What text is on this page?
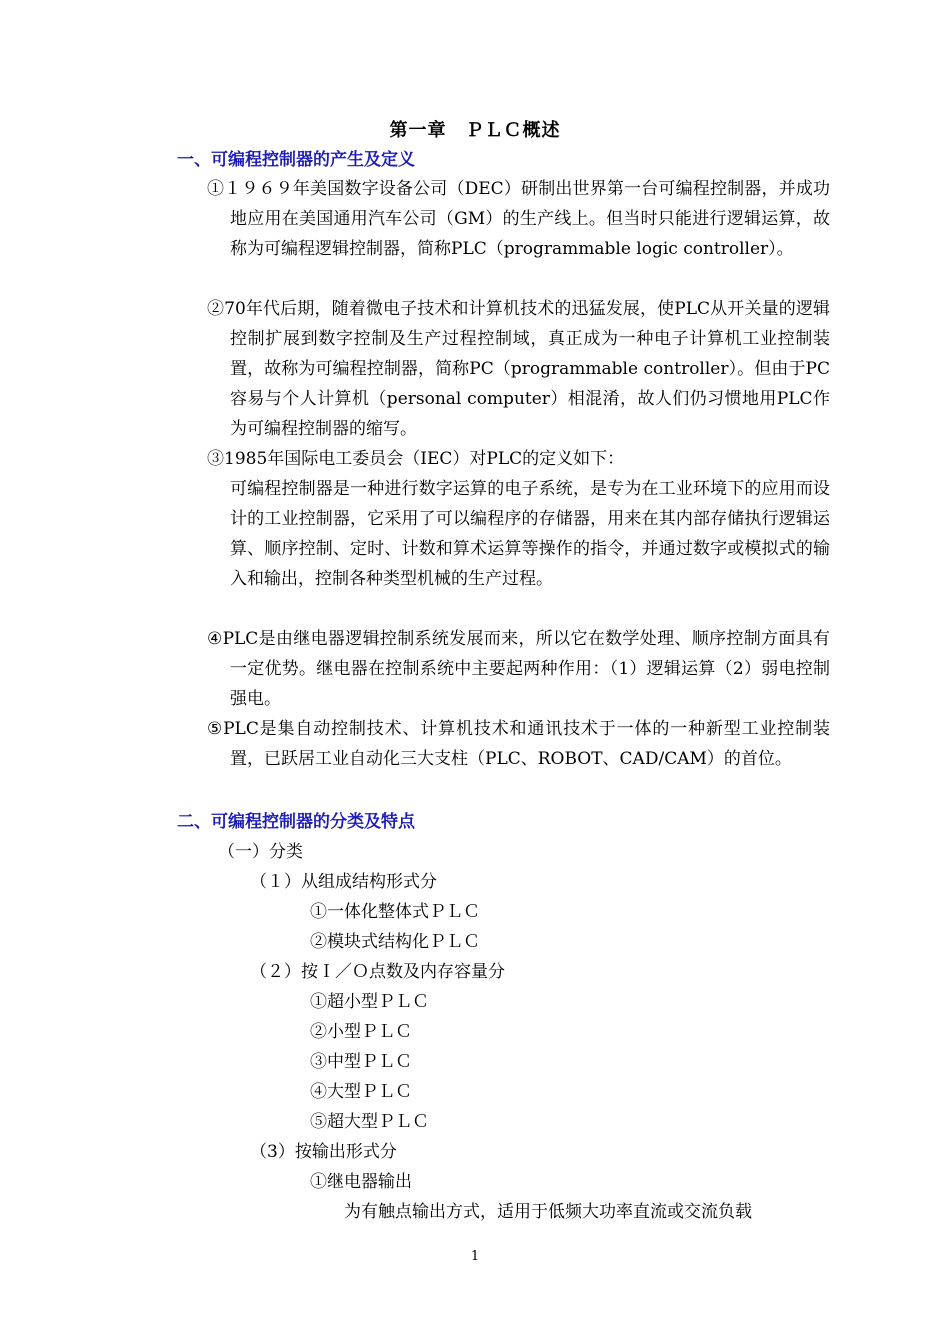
第一章　ＰＬＣ概述
一、可编程控制器的产生及定义

①１９６９年美国数字设备公司（DEC）研制出世界第一台可编程控制器，并成功地应用在美国通用汽车公司（GM）的生产线上。但当时只能进行逻辑运算，故称为可编程逻辑控制器，简称PLC（programmable logic controller）。

②70年代后期，随着微电子技术和计算机技术的迅猛发展，使PLC从开关量的逻辑控制扩展到数字控制及生产过程控制域，真正成为一种电子计算机工业控制装置，故称为可编程控制器，简称PC（programmable controller）。但由于PC容易与个人计算机（personal computer）相混淆，故人们仍习惯地用PLC作为可编程控制器的缩写。

③1985年国际电工委员会（IEC）对PLC的定义如下：

可编程控制器是一种进行数字运算的电子系统，是专为在工业环境下的应用而设计的工业控制器，它采用了可以编程序的存储器，用来在其内部存储执行逻辑运算、顺序控制、定时、计数和算术运算等操作的指令，并通过数字或模拟式的输入和输出，控制各种类型机械的生产过程。

④PLC是由继电器逻辑控制系统发展而来，所以它在数学处理、顺序控制方面具有一定优势。继电器在控制系统中主要起两种作用：（1）逻辑运算（2）弱电控制强电。

⑤PLC是集自动控制技术、计算机技术和通讯技术于一体的一种新型工业控制装置，已跃居工业自动化三大支柱（PLC、ROBOT、CAD/CAM）的首位。

二、可编程控制器的分类及特点
（一）分类
（１）从组成结构形式分
①一体化整体式ＰＬＣ
②模块式结构化ＰＬＣ
（２）按Ｉ／Ｏ点数及内存容量分
①超小型ＰＬＣ
②小型ＰＬＣ
③中型ＰＬＣ
④大型ＰＬＣ
⑤超大型ＰＬＣ
（3）按输出形式分
①继电器输出
为有触点输出方式，适用于低频大功率直流或交流负载
1
